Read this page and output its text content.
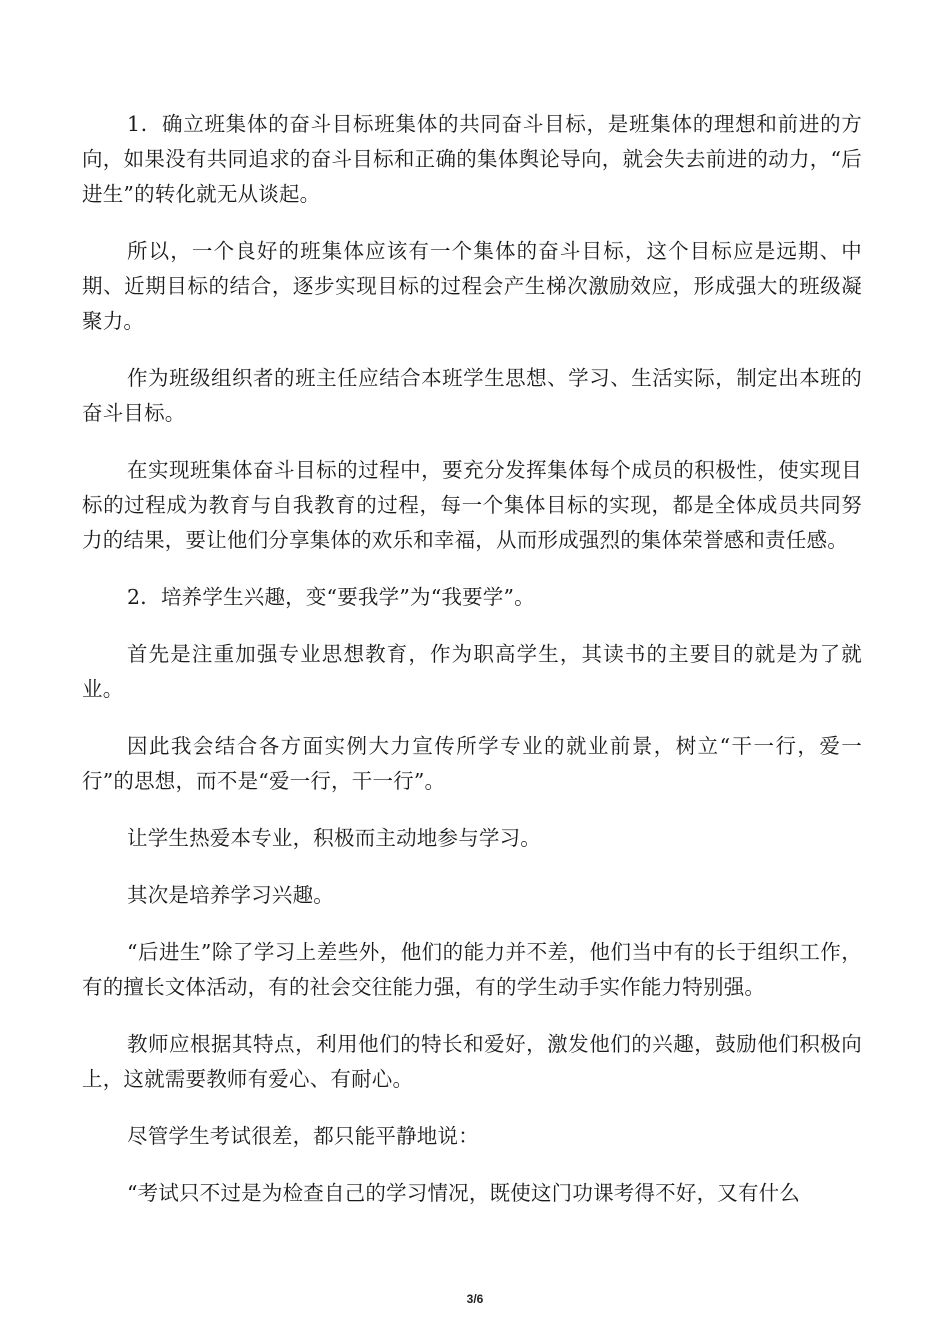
1．确立班集体的奋斗目标班集体的共同奋斗目标，是班集体的理想和前进的方向，如果没有共同追求的奋斗目标和正确的集体舆论导向，就会失去前进的动力，“后进生”的转化就无从谈起。

所以，一个良好的班集体应该有一个集体的奋斗目标，这个目标应是远期、中期、近期目标的结合，逐步实现目标的过程会产生梯次激励效应，形成强大的班级凝聚力。

作为班级组织者的班主任应结合本班学生思想、学习、生活实际，制定出本班的奋斗目标。

在实现班集体奋斗目标的过程中，要充分发挥集体每个成员的积极性，使实现目标的过程成为教育与自我教育的过程，每一个集体目标的实现，都是全体成员共同努力的结果，要让他们分享集体的欢乐和幸福，从而形成强烈的集体荣誉感和责任感。

2．培养学生兴趣，变“要我学”为“我要学”。

首先是注重加强专业思想教育，作为职高学生，其读书的主要目的就是为了就业。

因此我会结合各方面实例大力宣传所学专业的就业前景，树立“干一行，爱一行”的思想，而不是“爱一行，干一行”。

让学生热爱本专业，积极而主动地参与学习。

其次是培养学习兴趣。

“后进生”除了学习上差些外，他们的能力并不差，他们当中有的长于组织工作，有的擅长文体活动，有的社会交往能力强，有的学生动手实作能力特别强。

教师应根据其特点，利用他们的特长和爱好，激发他们的兴趣，鼓励他们积极向上，这就需要教师有爱心、有耐心。

尽管学生考试很差，都只能平静地说：

“考试只不过是为检查自己的学习情况，既使这门功课考得不好，又有什么

3/6
